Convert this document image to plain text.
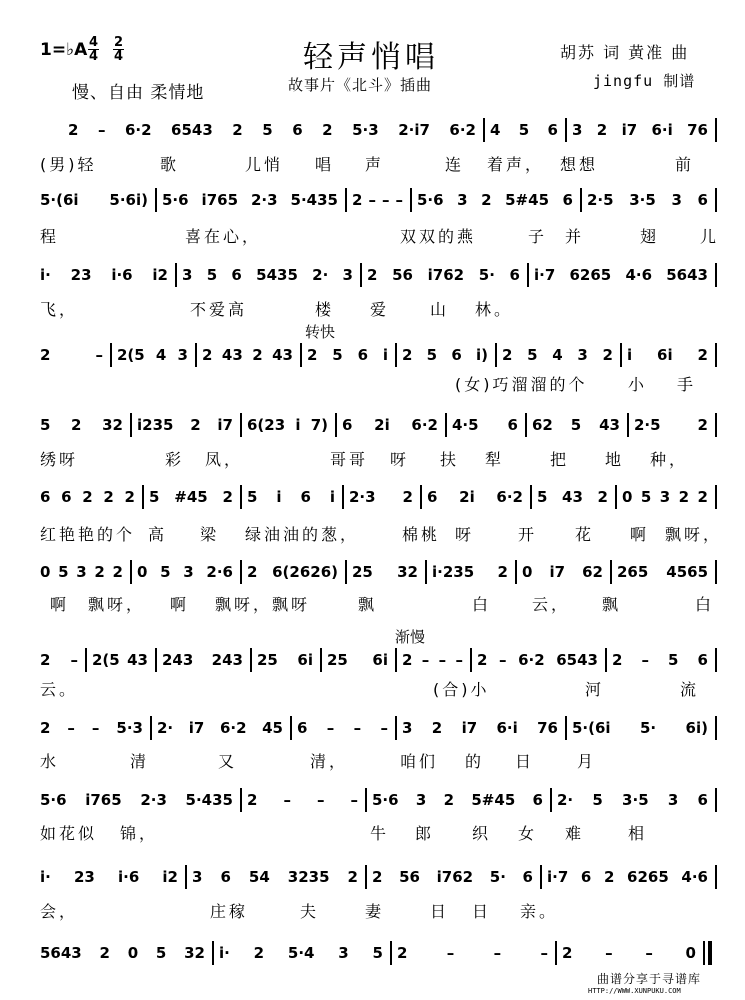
1=♭A $\frac{4}{4} \frac{2}{4}$	轻声悄唱	胡苏 词 黄准 曲
慢、自由 柔情地	故事片《北斗》插曲	jingfu 制谱
2 – 6·2 6543 2 5 6 2 5·3 2·i7 6·2 4 5 6 3 2 i7 6·i 76
(男)轻	歌	儿悄 唱 声	连 着声， 想想	前
5·(6i 5·6i) 5·6 i765 2·3 5·435 2 – – – 5·6 3 2 5#45 6 2·5 3·5 3 6
程	喜在心，	双双的燕	子 并	翅	儿
i· 23 i·6 i2 3 5 6 5435 2· 3 2 56 i762 5· 6 i·7 6265 4·6 5643
飞，	不爱高	楼 爱	山 林。
2 – 2(5 4 3 2 43 2 43 2 5 6 i 2 5 6 i) 2 5 4 3 2 i 6i 2
转快
(女)巧溜溜的个	小 手
5 2 32 i235 2 i7 6(23 i 7) 6 2i 6·2 4·5 6 62 5 43 2·5 2
绣呀	彩 凤，	哥哥 呀 扶 犁	把 地 种，
6 6 2 2 2 5 #45 2 5 i 6 i 2·3 2 6 2i 6·2 5 43 2 0 5 3 2 2
红艳艳的个 高 梁 绿油油的葱，	棉桃 呀	开 花 啊 飘呀，
0 5 3 2 2 0 5 3 2·6 2 6(2626) 25 32 i·235 2 0 i7 62 265 4565
啊 飘呀， 啊 飘呀，飘呀	飘	白	云， 飘	白
2 – 2(5 43 243 243 25 6i 25 6i 2 – – – 2 – 6·2 6543 2 – 5 6
渐慢
云。	(合)小	河	流
2 – – 5·3 2· i7 6·2 45 6 – – – 3 2 i7 6·i 76 5·(6i 5· 6i)
水	清	又	清，	咱们 的 日	月
5·6 i765 2·3 5·435 2 – – – 5·6 3 2 5#45 6 2· 5 3·5 3 6
如花似 锦，	牛 郎 织 女 难	相
i· 23 i·6 i2 3 6 54 3235 2 2 56 i762 5· 6 i·7 6 2 6265 4·6
会，	庄稼	夫	妻	日 日 亲。
5643 2 0 5 32 i· 2 5·4 3 5 2 – – – 2 – – 0
曲谱分享于寻谱库
HTTP://WWW.XUNPUKU.COM
